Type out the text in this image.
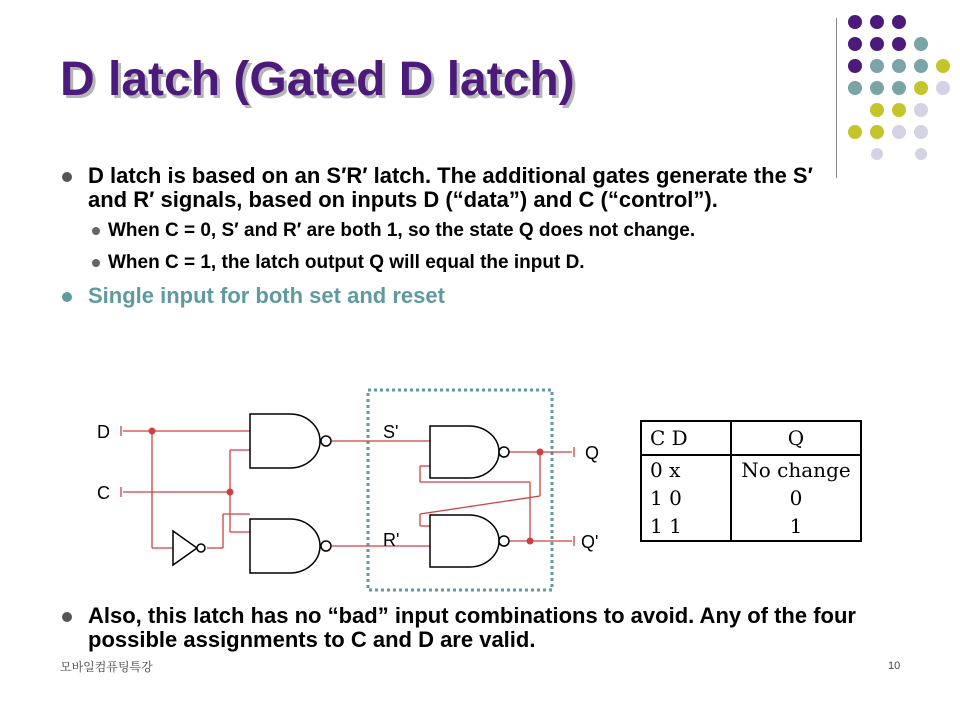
D latch (Gated D latch)
D latch is based on an S′R′ latch. The additional gates generate the S′ and R′ signals, based on inputs D (“data”) and C (“control”).
When C = 0, S′ and R′ are both 1, so the state Q does not change.
When C = 1, the latch output Q will equal the input D.
Single input for both set and reset
D
C
S'
R'
Q
Q'
C D	Q
0 x	No change
1 0	0
1 1	1
Also, this latch has no “bad” input combinations to avoid. Any of the four possible assignments to C and D are valid.
모바일컴퓨팅특강	10
